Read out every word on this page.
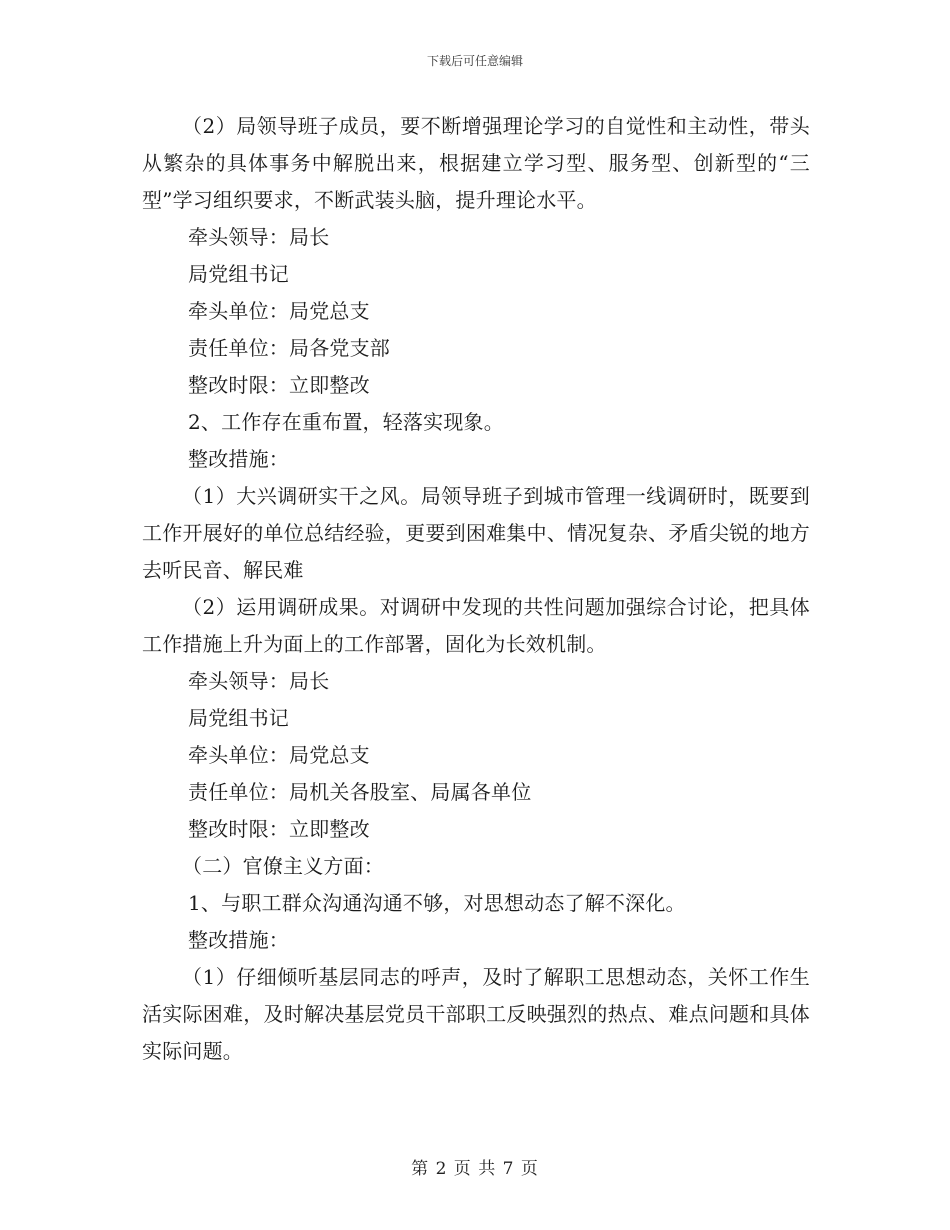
下载后可任意编辑

（2）局领导班子成员，要不断增强理论学习的自觉性和主动性，带头从繁杂的具体事务中解脱出来，根据建立学习型、服务型、创新型的“三型”学习组织要求，不断武装头脑，提升理论水平。

牵头领导：局长

局党组书记

牵头单位：局党总支

责任单位：局各党支部

整改时限：立即整改

2、工作存在重布置，轻落实现象。

整改措施：

（1）大兴调研实干之风。局领导班子到城市管理一线调研时，既要到工作开展好的单位总结经验，更要到困难集中、情况复杂、矛盾尖锐的地方去听民音、解民难

（2）运用调研成果。对调研中发现的共性问题加强综合讨论，把具体工作措施上升为面上的工作部署，固化为长效机制。

牵头领导：局长

局党组书记

牵头单位：局党总支

责任单位：局机关各股室、局属各单位

整改时限：立即整改

（二）官僚主义方面：

1、与职工群众沟通沟通不够，对思想动态了解不深化。

整改措施：

（1）仔细倾听基层同志的呼声，及时了解职工思想动态，关怀工作生活实际困难，及时解决基层党员干部职工反映强烈的热点、难点问题和具体实际问题。

第 2 页 共 7 页
